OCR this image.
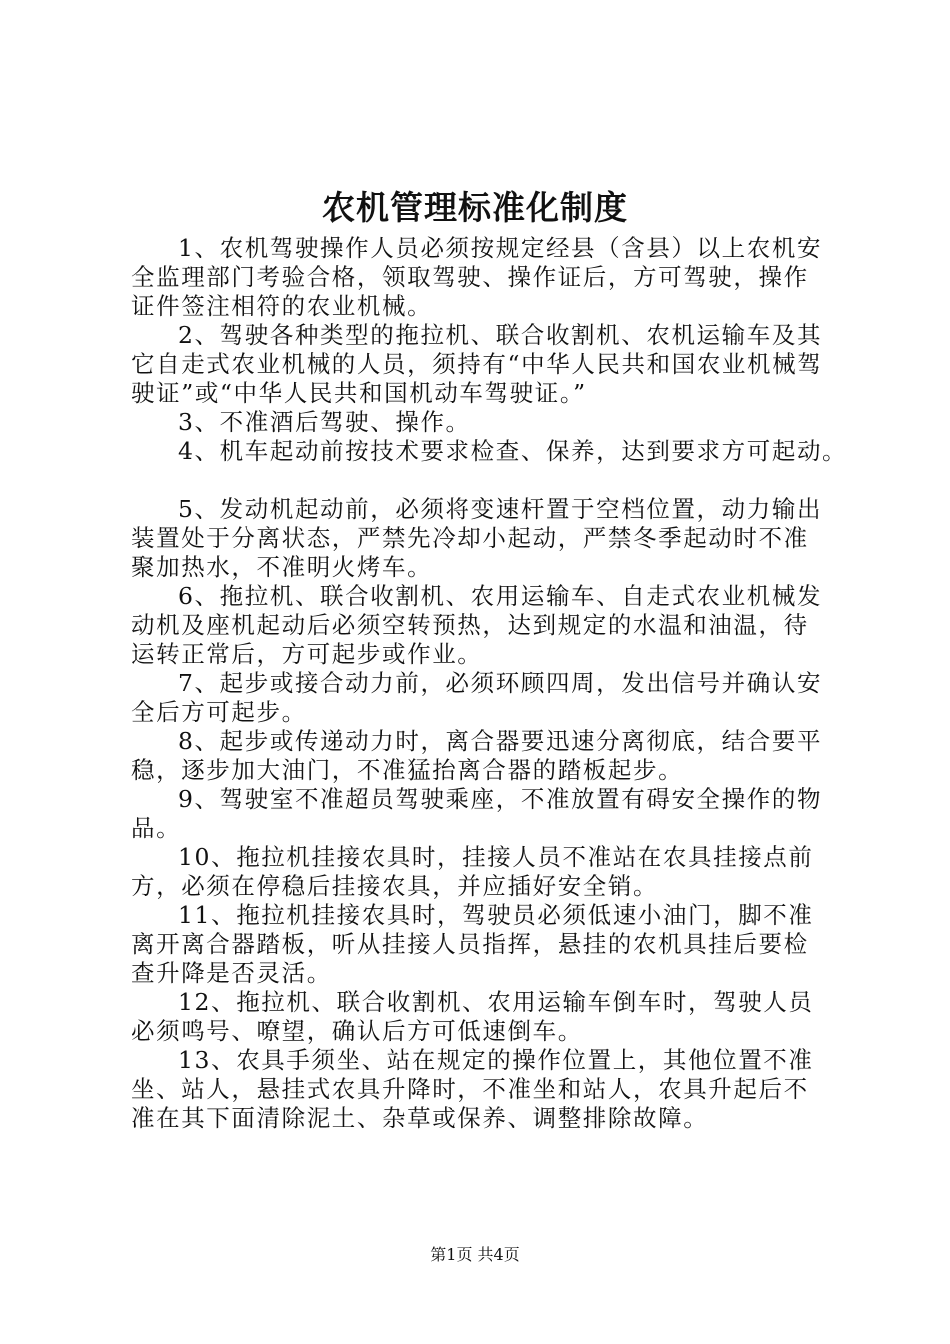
农机管理标准化制度

1、农机驾驶操作人员必须按规定经县（含县）以上农机安全监理部门考验合格，领取驾驶、操作证后，方可驾驶，操作证件签注相符的农业机械。

2、驾驶各种类型的拖拉机、联合收割机、农机运输车及其它自走式农业机械的人员，须持有“中华人民共和国农业机械驾驶证”或“中华人民共和国机动车驾驶证。”

3、不准酒后驾驶、操作。

4、机车起动前按技术要求检查、保养，达到要求方可起动。

5、发动机起动前，必须将变速杆置于空档位置，动力输出装置处于分离状态，严禁先冷却小起动，严禁冬季起动时不准聚加热水，不准明火烤车。

6、拖拉机、联合收割机、农用运输车、自走式农业机械发动机及座机起动后必须空转预热，达到规定的水温和油温，待运转正常后，方可起步或作业。

7、起步或接合动力前，必须环顾四周，发出信号并确认安全后方可起步。

8、起步或传递动力时，离合器要迅速分离彻底，结合要平稳，逐步加大油门，不准猛抬离合器的踏板起步。

9、驾驶室不准超员驾驶乘座，不准放置有碍安全操作的物品。

10、拖拉机挂接农具时，挂接人员不准站在农具挂接点前方，必须在停稳后挂接农具，并应插好安全销。

11、拖拉机挂接农具时，驾驶员必须低速小油门，脚不准离开离合器踏板，听从挂接人员指挥，悬挂的农机具挂后要检查升降是否灵活。

12、拖拉机、联合收割机、农用运输车倒车时，驾驶人员必须鸣号、嘹望，确认后方可低速倒车。

13、农具手须坐、站在规定的操作位置上，其他位置不准坐、站人，悬挂式农具升降时，不准坐和站人，农具升起后不准在其下面清除泥土、杂草或保养、调整排除故障。

第1页 共4页
